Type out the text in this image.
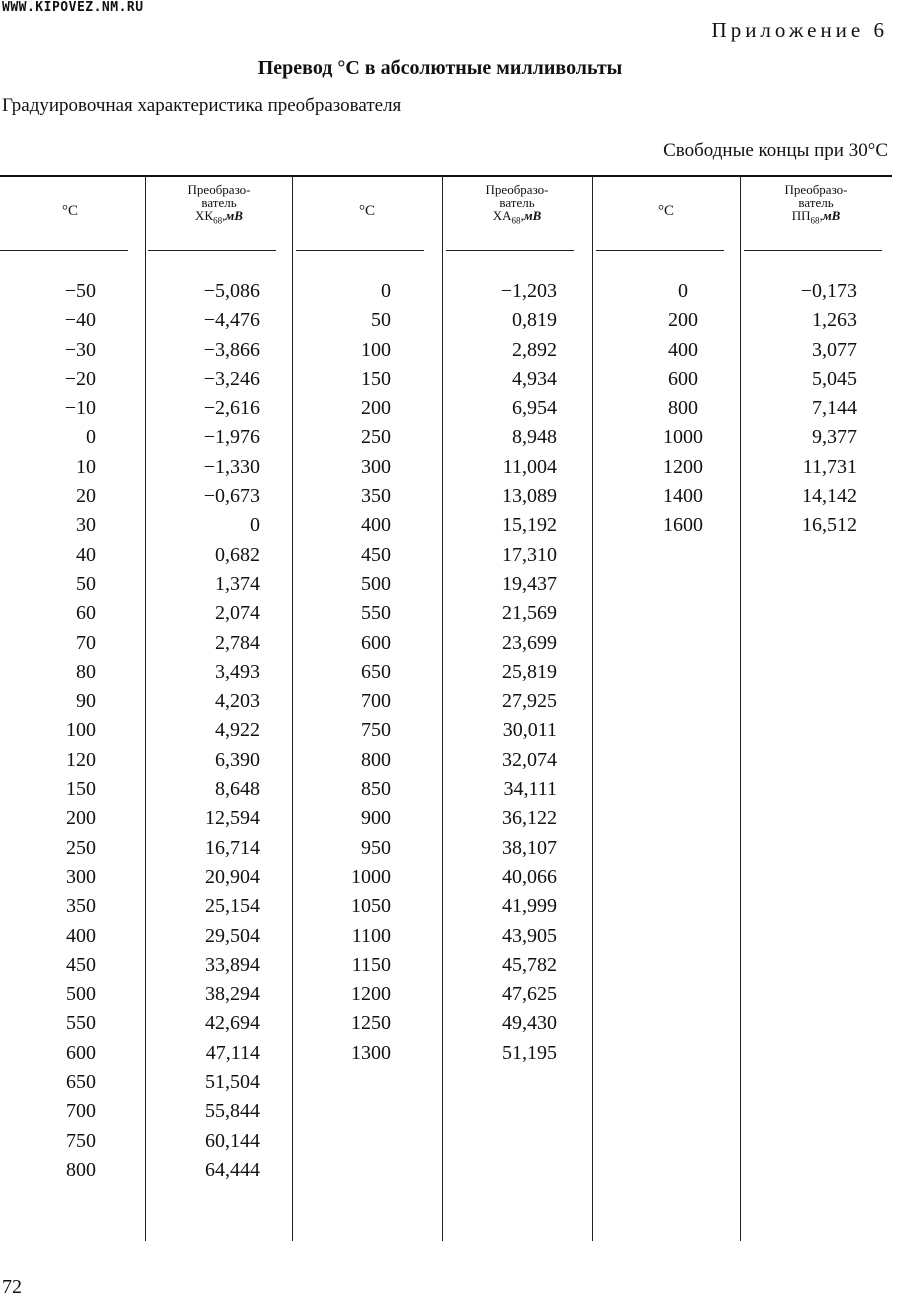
WWW.KIPOVEZ.NM.RU
Приложение 6
Перевод °С в абсолютные милливольты
Градуировочная характеристика преобразователя
Свободные концы при 30°С
°С
Преобразо-
ватель
$ХК_{68},мВ$	°С
Преобразо-
ватель
$ХА_{68},мВ$	°С
Преобразо-
ватель
$ПП_{68},мВ$
−50
−40
−30
−20
−10
0
10
20
30
40
50
60
70
80
90
100
120
150
200
250
300
350
400
450
500
550
600
650
700
750
800
−5,086
−4,476
−3,866
−3,246
−2,616
−1,976
−1,330
−0,673
0
0,682
1,374
2,074
2,784
3,493
4,203
4,922
6,390
8,648
12,594
16,714
20,904
25,154
29,504
33,894
38,294
42,694
47,114
51,504
55,844
60,144
64,444
0
50
100
150
200
250
300
350
400
450
500
550
600
650
700
750
800
850
900
950
1000
1050
1100
1150
1200
1250
1300
−1,203
0,819
2,892
4,934
6,954
8,948
11,004
13,089
15,192
17,310
19,437
21,569
23,699
25,819
27,925
30,011
32,074
34,111
36,122
38,107
40,066
41,999
43,905
45,782
47,625
49,430
51,195
0
200
400
600
800
1000
1200
1400
1600
−0,173
1,263
3,077
5,045
7,144
9,377
11,731
14,142
16,512
72
